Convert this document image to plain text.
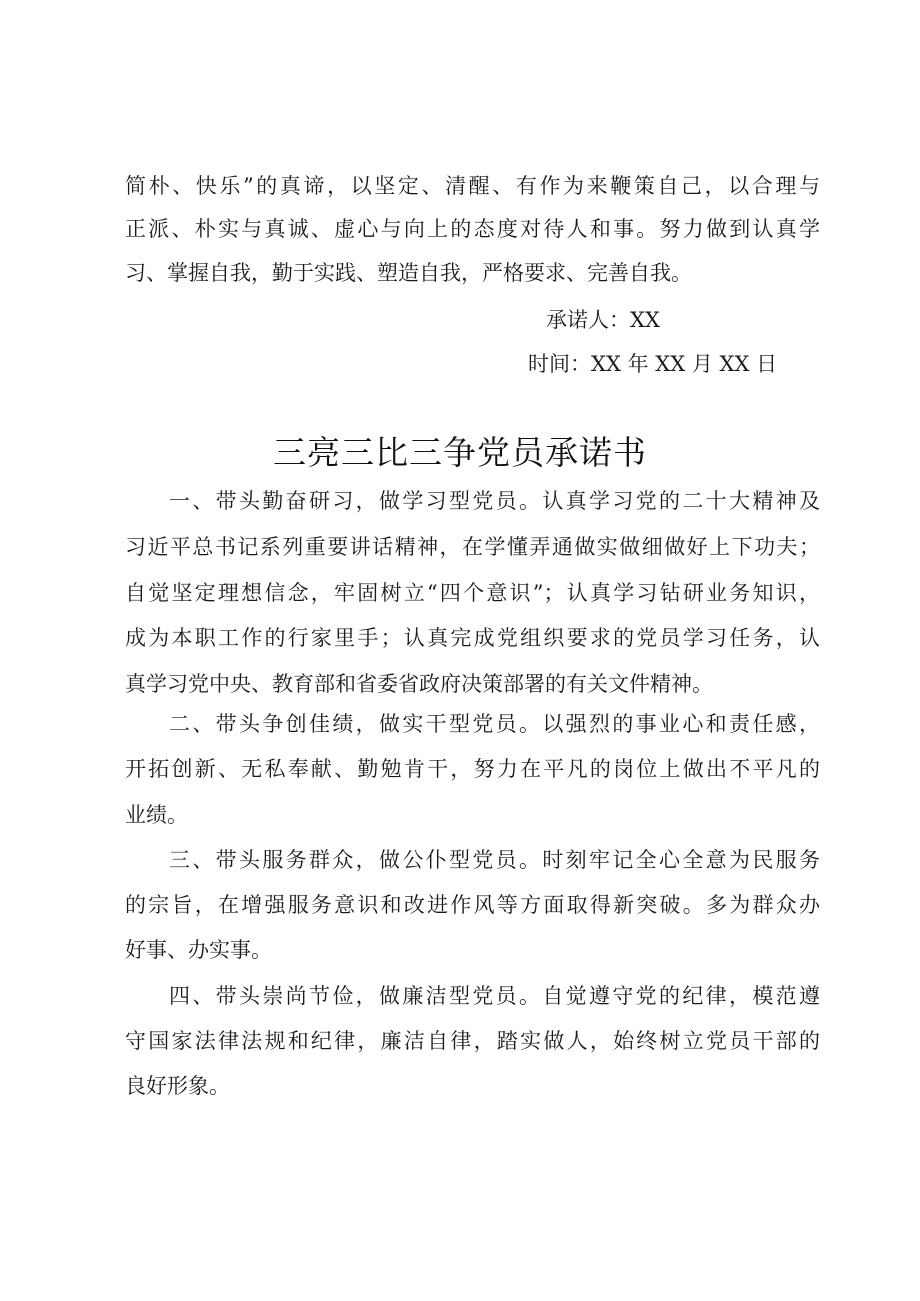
简朴、快乐”的真谛，以坚定、清醒、有作为来鞭策自己，以合理与
正派、朴实与真诚、虚心与向上的态度对待人和事。努力做到认真学
习、掌握自我，勤于实践、塑造自我，严格要求、完善自我。
承诺人：XX
时间：XX 年 XX 月 XX 日
三亮三比三争党员承诺书
一、带头勤奋研习，做学习型党员。认真学习党的二十大精神及
习近平总书记系列重要讲话精神，在学懂弄通做实做细做好上下功夫；
自觉坚定理想信念，牢固树立“四个意识”；认真学习钻研业务知识，
成为本职工作的行家里手；认真完成党组织要求的党员学习任务，认
真学习党中央、教育部和省委省政府决策部署的有关文件精神。
二、带头争创佳绩，做实干型党员。以强烈的事业心和责任感，
开拓创新、无私奉献、勤勉肯干，努力在平凡的岗位上做出不平凡的
业绩。
三、带头服务群众，做公仆型党员。时刻牢记全心全意为民服务
的宗旨，在增强服务意识和改进作风等方面取得新突破。多为群众办
好事、办实事。
四、带头崇尚节俭，做廉洁型党员。自觉遵守党的纪律，模范遵
守国家法律法规和纪律，廉洁自律，踏实做人，始终树立党员干部的
良好形象。
